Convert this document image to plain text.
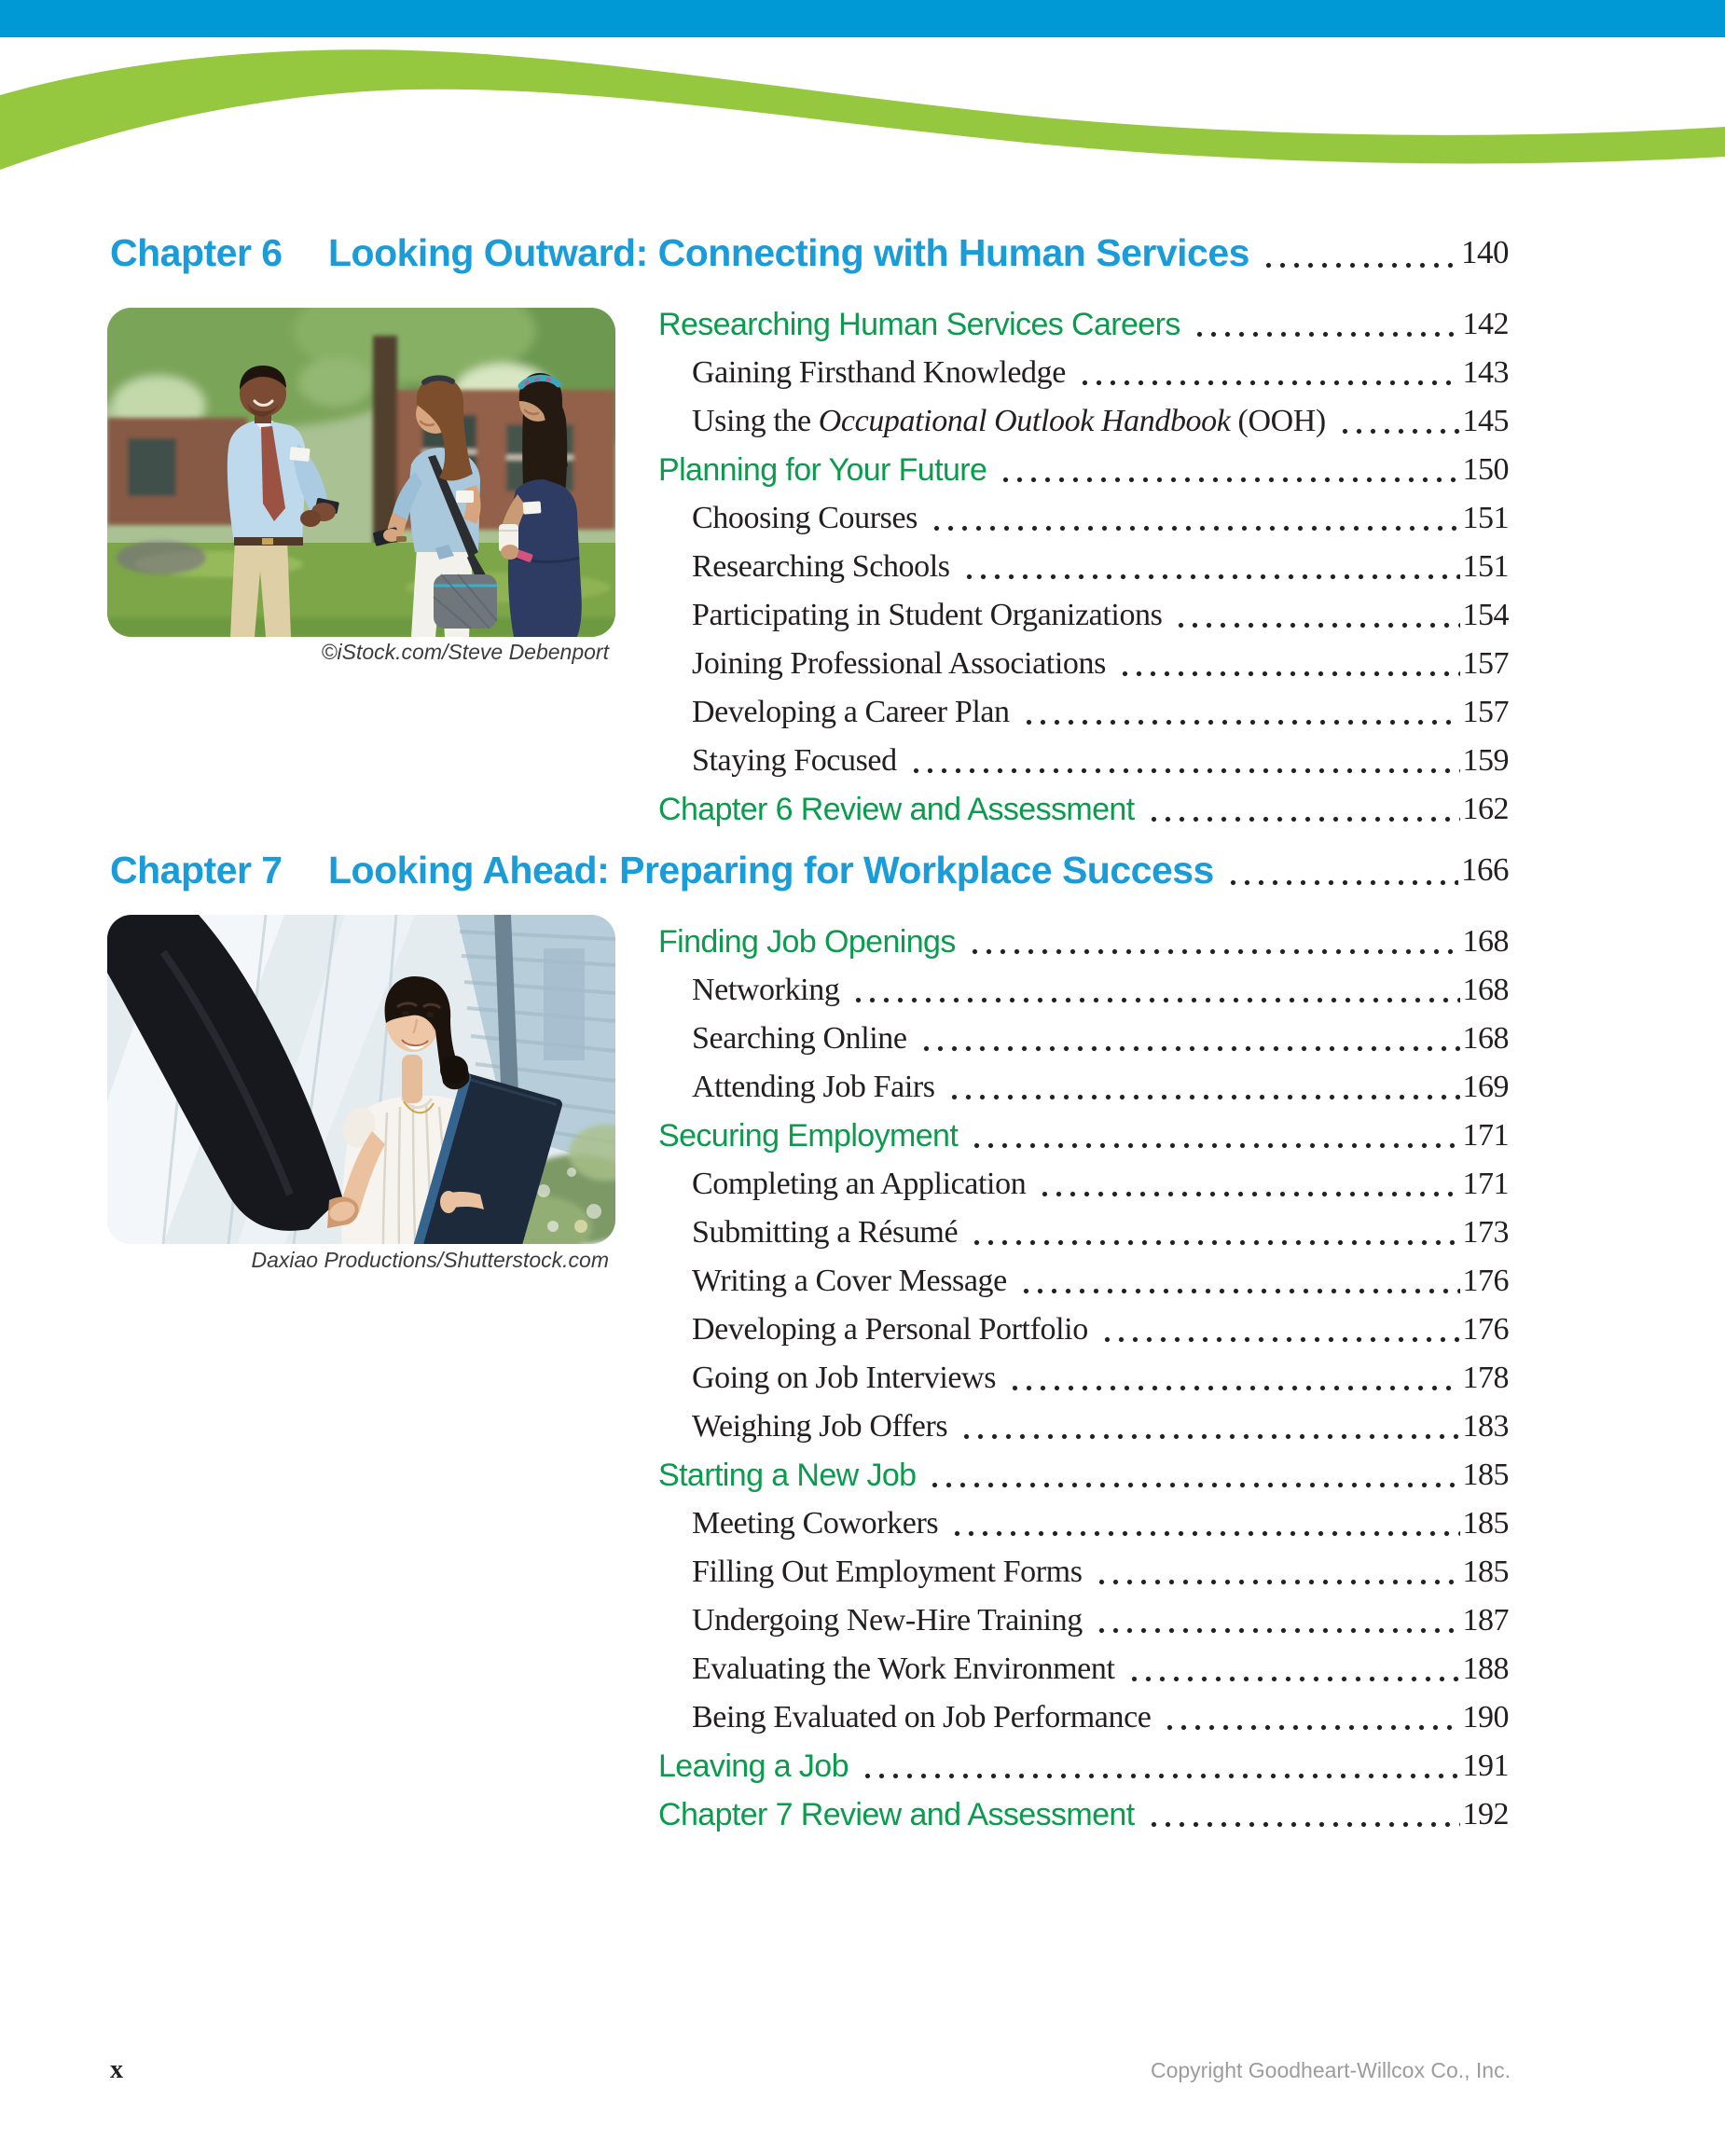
Chapter 6	Looking Outward: Connecting with Human Services	140
©iStock.com/Steve Debenport
Researching Human Services Careers	142
Gaining Firsthand Knowledge	143
Using the Occupational Outlook Handbook (OOH)	145
Planning for Your Future	150
Choosing Courses	151
Researching Schools	151
Participating in Student Organizations	154
Joining Professional Associations	157
Developing a Career Plan	157
Staying Focused	159
Chapter 6 Review and Assessment	162
Chapter 7	Looking Ahead: Preparing for Workplace Success	166
Daxiao Productions/Shutterstock.com
Finding Job Openings	168
Networking	168
Searching Online	168
Attending Job Fairs	169
Securing Employment	171
Completing an Application	171
Submitting a Résumé	173
Writing a Cover Message	176
Developing a Personal Portfolio	176
Going on Job Interviews	178
Weighing Job Offers	183
Starting a New Job	185
Meeting Coworkers	185
Filling Out Employment Forms	185
Undergoing New-Hire Training	187
Evaluating the Work Environment	188
Being Evaluated on Job Performance	190
Leaving a Job	191
Chapter 7 Review and Assessment	192
x	Copyright Goodheart-Willcox Co., Inc.
